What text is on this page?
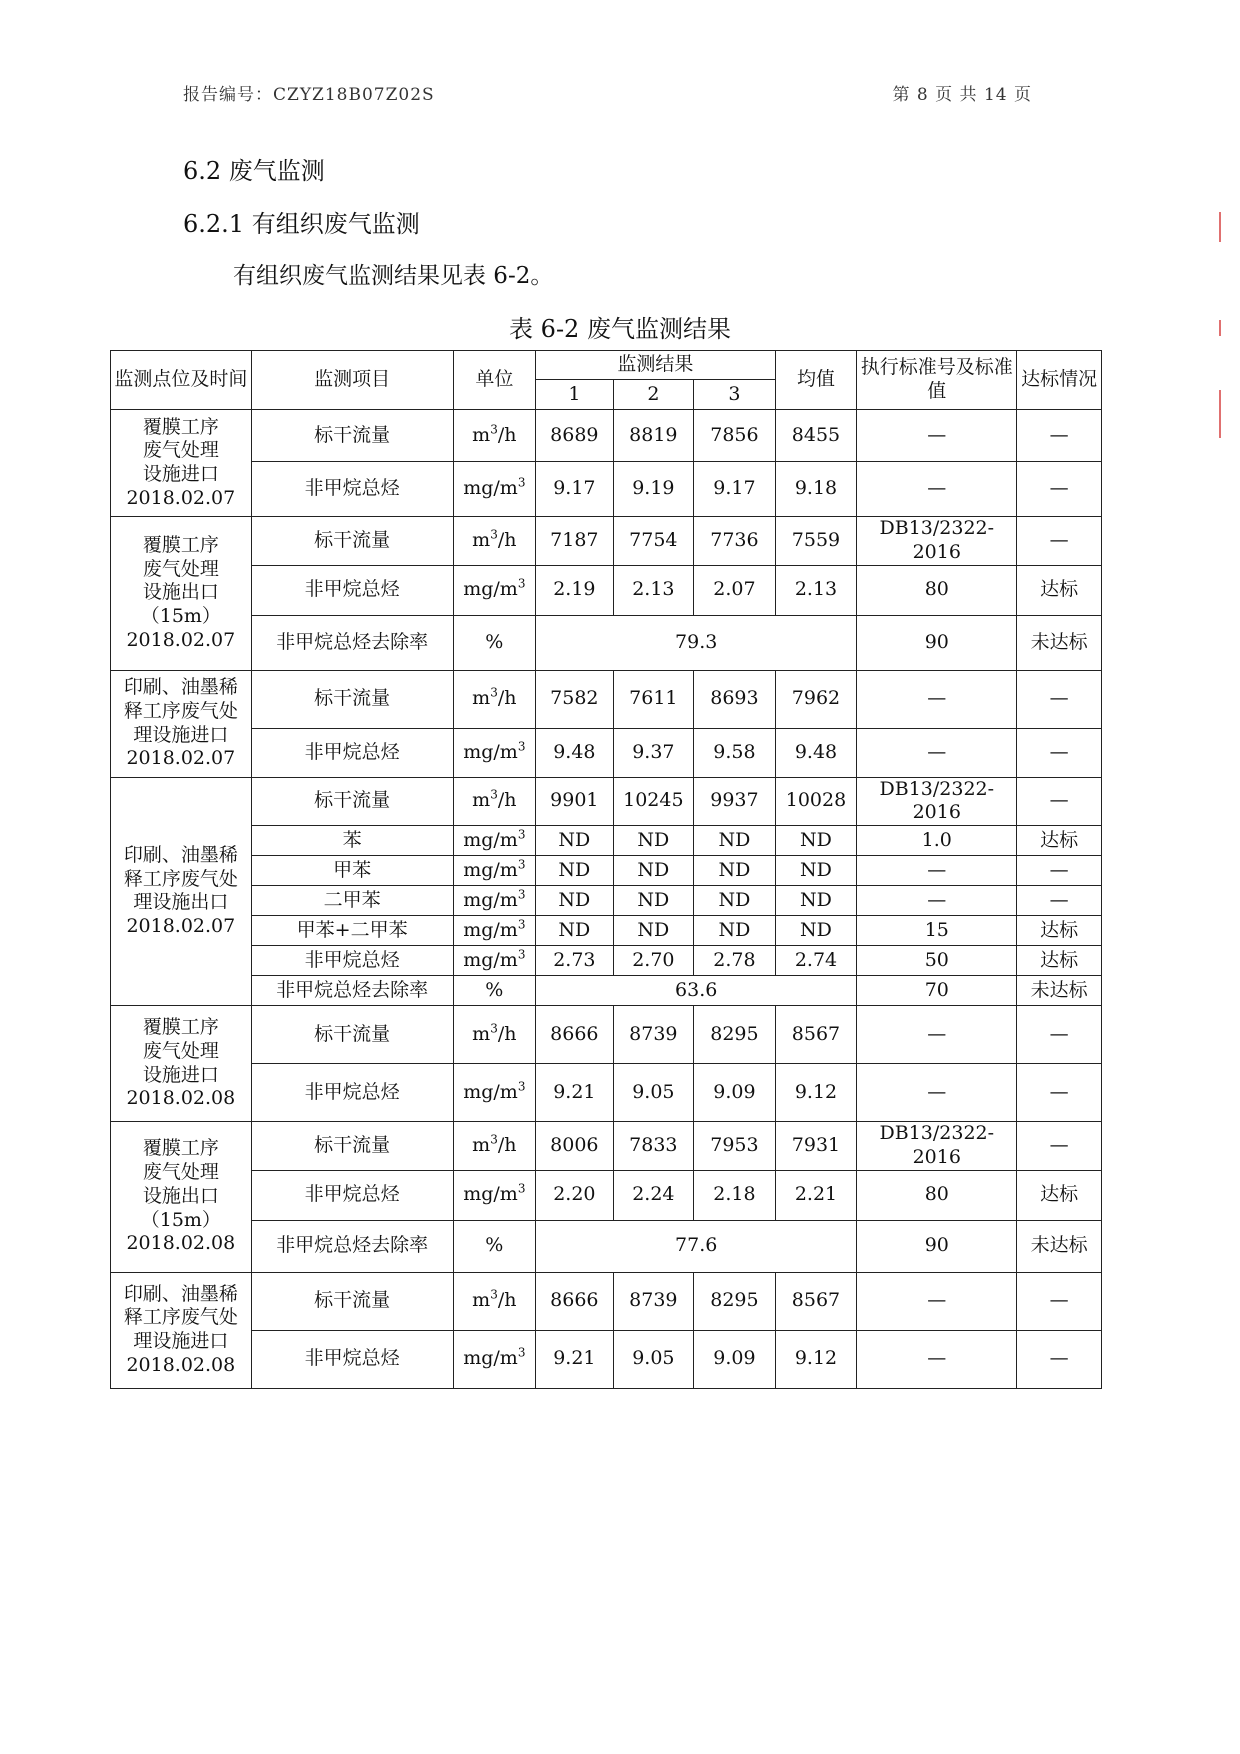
报告编号：CZYZ18B07Z02S	第 8 页 共 14 页
6.2 废气监测
6.2.1 有组织废气监测
有组织废气监测结果见表 6-2。
表 6-2 废气监测结果
监测点位及时间	监测项目	单位	监测结果			均值	执行标准号及标准值	达标情况
			1	2	3			

覆膜工序
废气处理
设施进口
2018.02.07	标干流量	$m^3/h$	8689	8819	7856	8455	—	—
	非甲烷总烃	$mg/m^3$	9.17	9.19	9.17	9.18	—	—

覆膜工序
废气处理
设施出口
（15m）
2018.02.07	标干流量	$m^3/h$	7187	7754	7736	7559	DB13/2322-2016	—
	非甲烷总烃	$mg/m^3$	2.19	2.13	2.07	2.13	80	达标
	非甲烷总烃去除率	%	79.3				90	未达标

印刷、油墨稀
释工序废气处
理设施进口
2018.02.07	标干流量	$m^3/h$	7582	7611	8693	7962	—	—
	非甲烷总烃	$mg/m^3$	9.48	9.37	9.58	9.48	—	—

印刷、油墨稀
释工序废气处
理设施出口
2018.02.07	标干流量	$m^3/h$	9901	10245	9937	10028	DB13/2322-2016	—
	苯	$mg/m^3$	ND	ND	ND	ND	1.0	达标
	甲苯	$mg/m^3$	ND	ND	ND	ND	—	—
	二甲苯	$mg/m^3$	ND	ND	ND	ND	—	—
	甲苯+二甲苯	$mg/m^3$	ND	ND	ND	ND	15	达标
	非甲烷总烃	$mg/m^3$	2.73	2.70	2.78	2.74	50	达标
	非甲烷总烃去除率	%	63.6				70	未达标

覆膜工序
废气处理
设施进口
2018.02.08	标干流量	$m^3/h$	8666	8739	8295	8567	—	—
	非甲烷总烃	$mg/m^3$	9.21	9.05	9.09	9.12	—	—

覆膜工序
废气处理
设施出口
（15m）
2018.02.08	标干流量	$m^3/h$	8006	7833	7953	7931	DB13/2322-2016	—
	非甲烷总烃	$mg/m^3$	2.20	2.24	2.18	2.21	80	达标
	非甲烷总烃去除率	%	77.6				90	未达标

印刷、油墨稀
释工序废气处
理设施进口
2018.02.08	标干流量	$m^3/h$	8666	8739	8295	8567	—	—
	非甲烷总烃	$mg/m^3$	9.21	9.05	9.09	9.12	—	—
